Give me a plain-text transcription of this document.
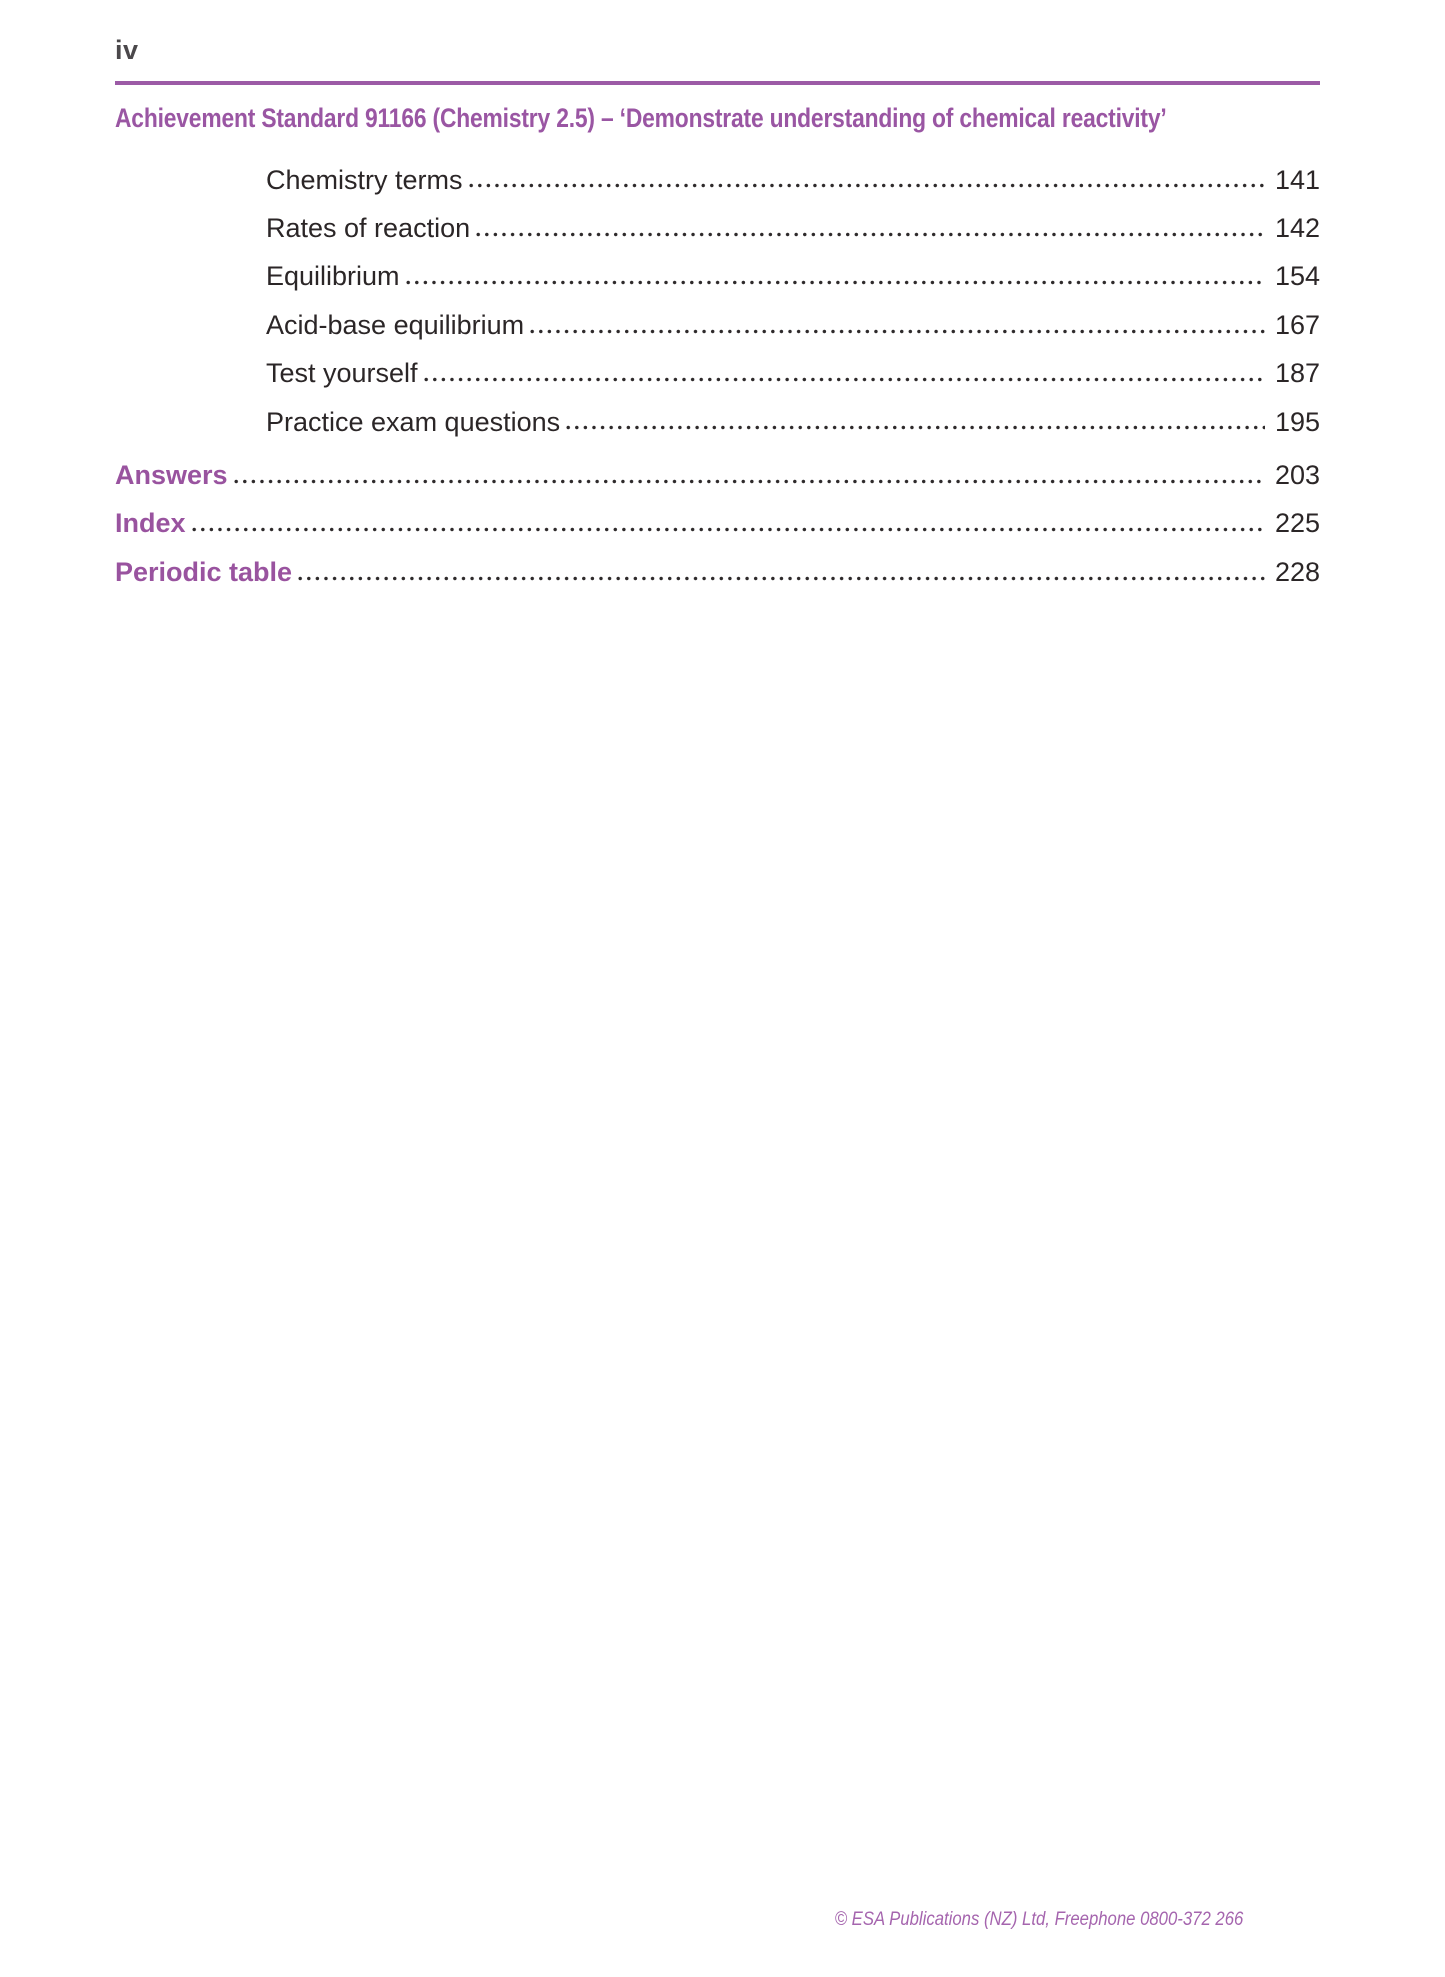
iv
Achievement Standard 91166 (Chemistry 2.5) – ‘Demonstrate understanding of chemical reactivity’
Chemistry terms	141
Rates of reaction	142
Equilibrium	154
Acid-base equilibrium	167
Test yourself	187
Practice exam questions	195
Answers	203
Index	225
Periodic table	228
© ESA Publications (NZ) Ltd, Freephone 0800-372 266
